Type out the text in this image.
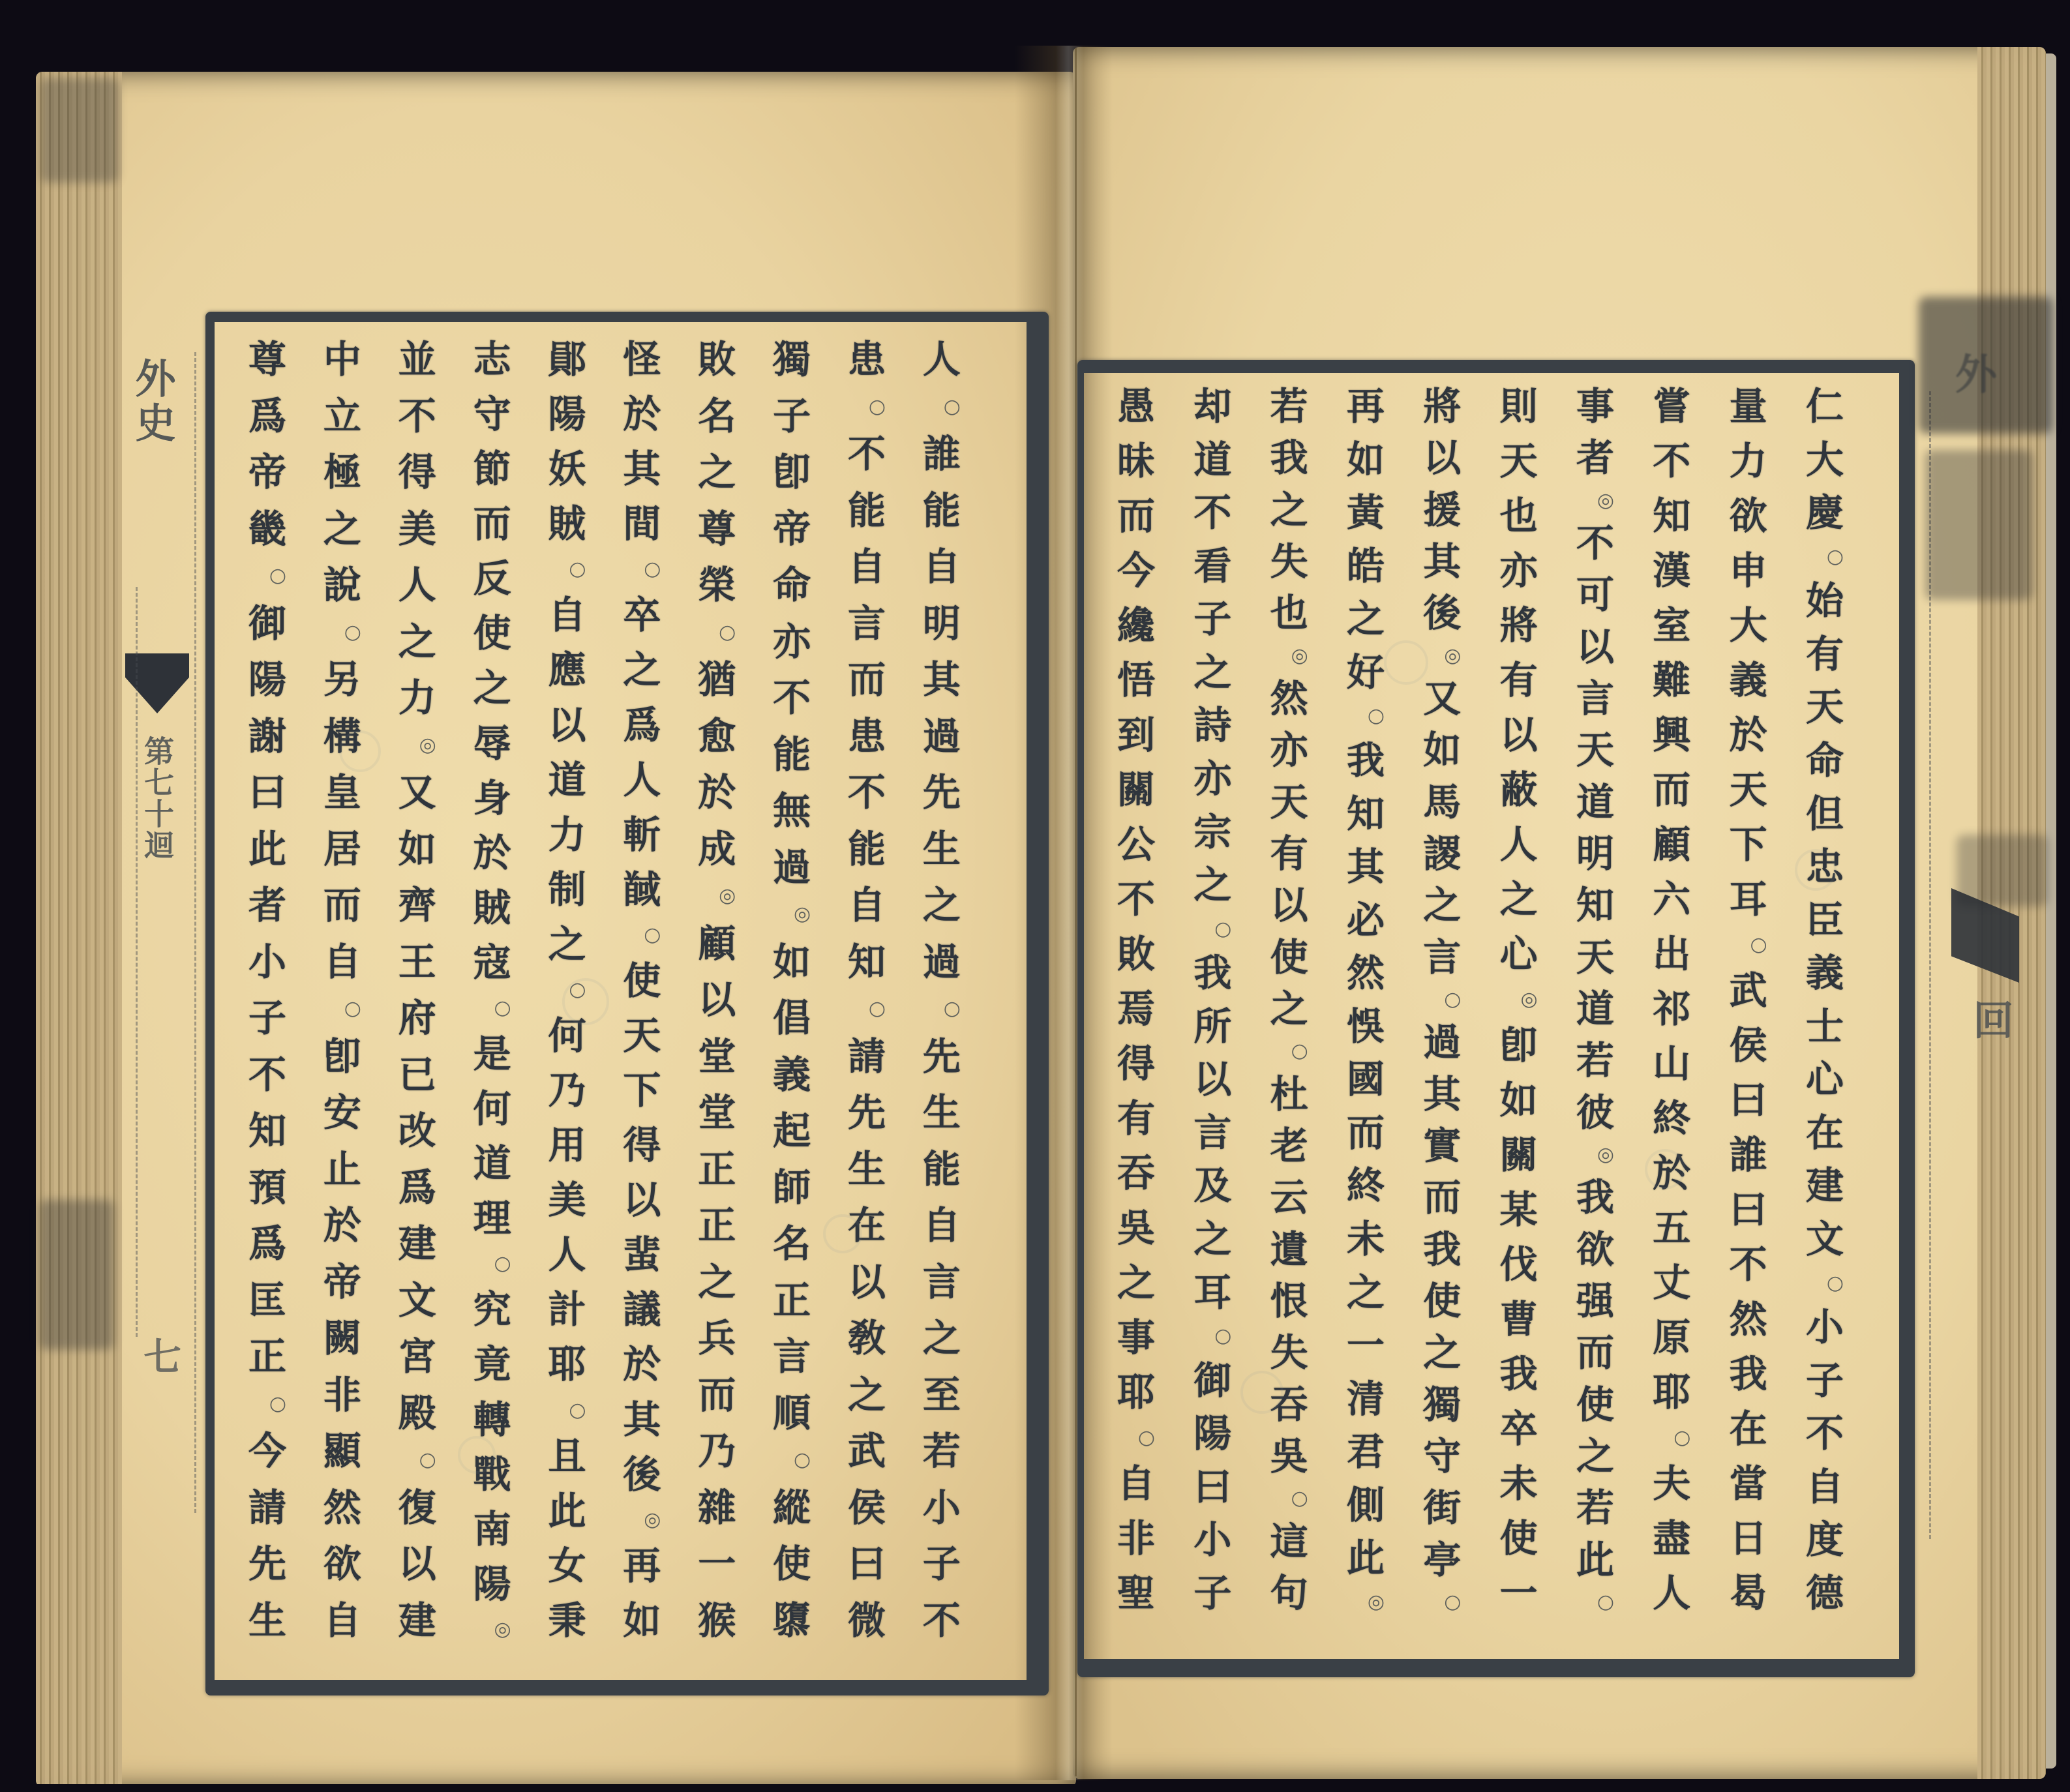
外史
第七十迴
七
回
仁
大
慶
○
始
有
天
命
但
忠
臣
義
士
心
在
建
文
○
小
子
不
自
度
德
量
力
欲
申
大
義
於
天
下
耳
○
武
侯
曰
誰
曰
不
然
我
在
當
日
曷
嘗
不
知
漢
室
難
興
而
顧
六
出
祁
山
終
於
五
丈
原
耶
○
夫
盡
人
事
者
◎
不
可
以
言
天
道
明
知
天
道
若
彼
◎
我
欲
强
而
使
之
若
此
○
則
天
也
亦
將
有
以
蔽
人
之
心
◎
卽
如
關
某
伐
曹
我
卒
未
使
一
將
以
援
其
後
◎
又
如
馬
謖
之
言
○
過
其
實
而
我
使
之
獨
守
街
亭
○
再
如
黃
皓
之
好
○
我
知
其
必
然
悞
國
而
終
未
之
一
清
君
側
此
◎
若
我
之
失
也
◎
然
亦
天
有
以
使
之
○
杜
老
云
遺
恨
失
吞
吳
○
這
句
却
道
不
看
子
之
詩
亦
宗
之
○
我
所
以
言
及
之
耳
○
御
陽
曰
小
子
愚
昧
而
今
纔
悟
到
關
公
不
敗
焉
得
有
吞
吳
之
事
耶
○
自
非
聖
人
○
誰
能
自
明
其
過
先
生
之
過
○
先
生
能
自
言
之
至
若
小
子
不
患
○
不
能
自
言
而
患
不
能
自
知
○
請
先
生
在
以
敎
之
武
侯
曰
微
獨
子
卽
帝
命
亦
不
能
無
過
◎
如
倡
義
起
師
名
正
言
順
○
縱
使
隳
敗
名
之
尊
榮
○
猶
愈
於
成
◎
顧
以
堂
堂
正
正
之
兵
而
乃
雜
一
猴
怪
於
其
間
○
卒
之
爲
人
斬
馘
○
使
天
下
得
以
蜚
議
於
其
後
◎
再
如
鄖
陽
妖
賊
○
自
應
以
道
力
制
之
○
何
乃
用
美
人
計
耶
○
且
此
女
秉
志
守
節
而
反
使
之
辱
身
於
賊
寇
○
是
何
道
理
○
究
竟
轉
戰
南
陽
◎
並
不
得
美
人
之
力
◎
又
如
齊
王
府
已
改
爲
建
文
宮
殿
○
復
以
建
中
立
極
之
說
○
另
構
皇
居
而
自
○
卽
安
止
於
帝
闕
非
顯
然
欲
自
尊
爲
帝
畿
○
御
陽
謝
曰
此
者
小
子
不
知
預
爲
匡
正
○
今
請
先
生
